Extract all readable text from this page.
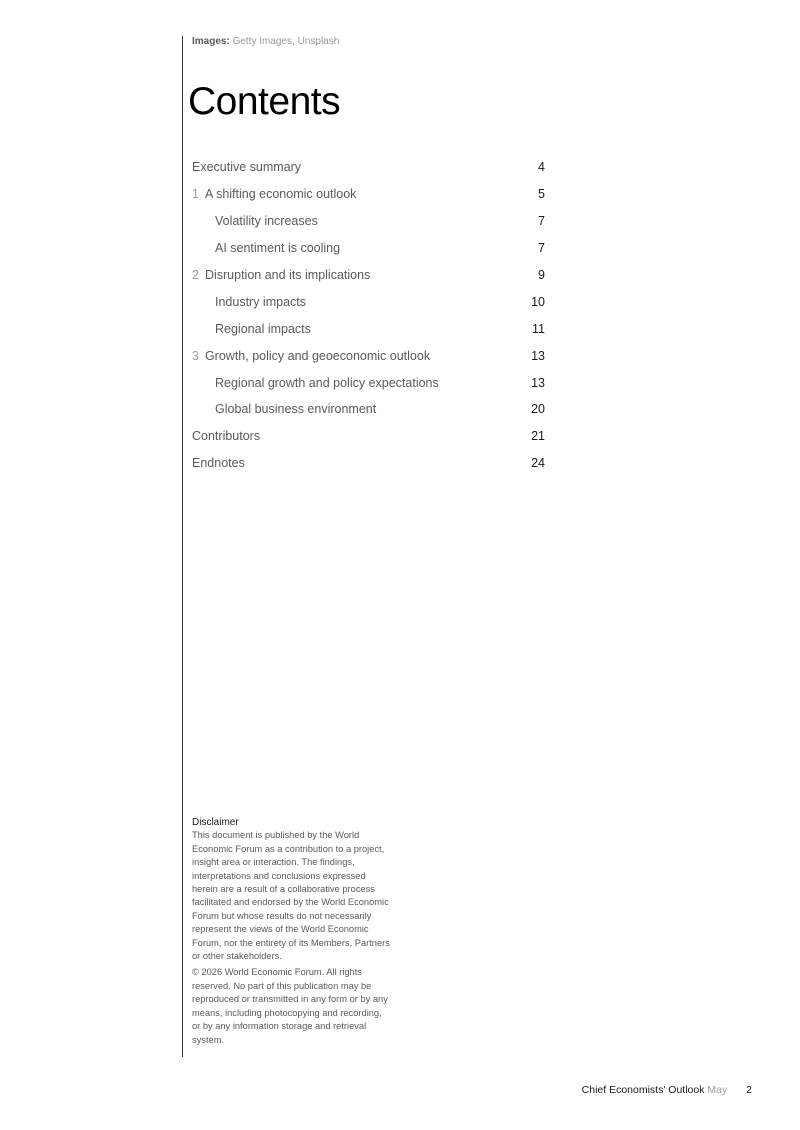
Images: Getty Images, Unsplash
Contents
Executive summary	4
1 A shifting economic outlook	5
Volatility increases	7
AI sentiment is cooling	7
2 Disruption and its implications	9
Industry impacts	10
Regional impacts	11
3 Growth, policy and geoeconomic outlook	13
Regional growth and policy expectations	13
Global business environment	20
Contributors	21
Endnotes	24
Disclaimer

This document is published by the World Economic Forum as a contribution to a project, insight area or interaction. The findings, interpretations and conclusions expressed herein are a result of a collaborative process facilitated and endorsed by the World Economic Forum but whose results do not necessarily represent the views of the World Economic Forum, nor the entirety of its Members, Partners or other stakeholders.

© 2026 World Economic Forum. All rights reserved. No part of this publication may be reproduced or transmitted in any form or by any means, including photocopying and recording, or by any information storage and retrieval system.

Chief Economists' Outlook May 2
